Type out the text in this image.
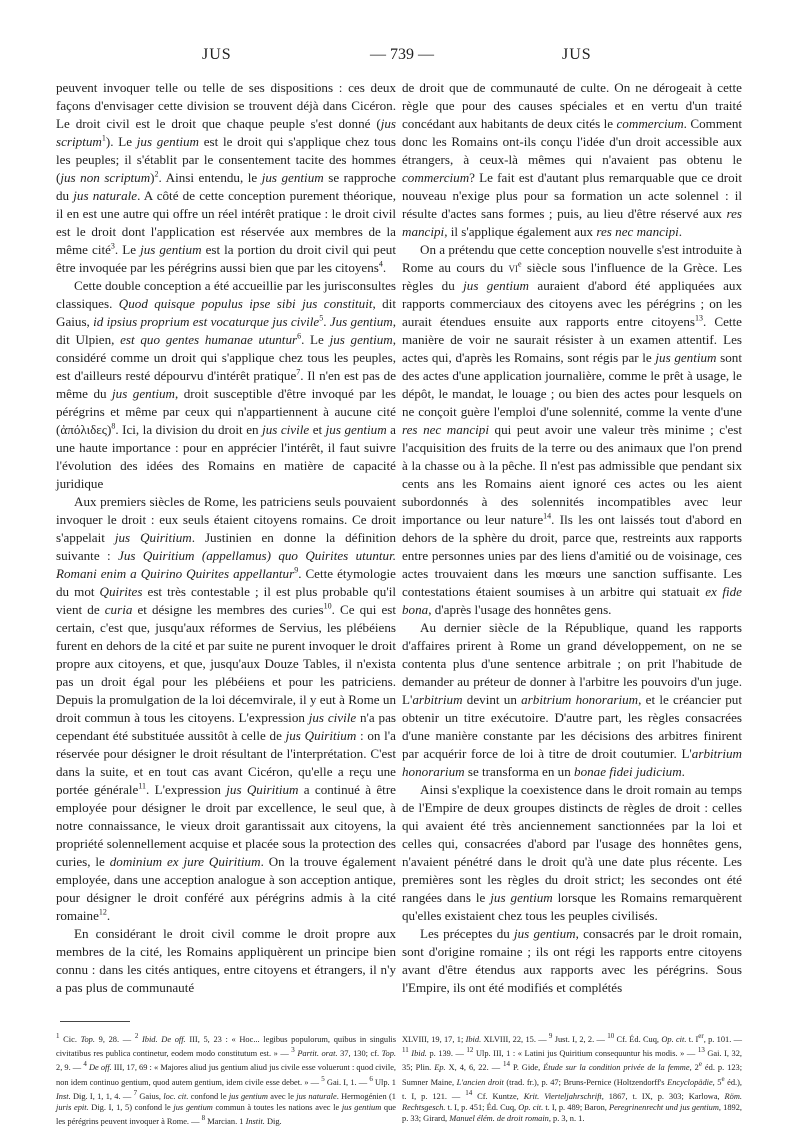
JUS	— 739 —	JUS

peuvent invoquer telle ou telle de ses dispositions : ces deux façons d'envisager cette division se trouvent déjà dans Cicéron. Le droit civil est le droit que chaque peuple s'est donné (jus scriptum$^1$). Le jus gentium est le droit qui s'applique chez tous les peuples; il s'établit par le consentement tacite des hommes (jus non scriptum)$^2$. Ainsi entendu, le jus gentium se rapproche du jus naturale. A côté de cette conception purement théorique, il en est une autre qui offre un réel intérêt pratique : le droit civil est le droit dont l'application est réservée aux membres de la même cité$^3$. Le jus gentium est la portion du droit civil qui peut être invoquée par les pérégrins aussi bien que par les citoyens$^4$.

Cette double conception a été accueillie par les jurisconsultes classiques. Quod quisque populus ipse sibi jus constituit, dit Gaius, id ipsius proprium est vocaturque jus civile$^5$. Jus gentium, dit Ulpien, est quo gentes humanae utuntur$^6$. Le jus gentium, considéré comme un droit qui s'applique chez tous les peuples, est d'ailleurs resté dépourvu d'intérêt pratique$^7$. Il n'en est pas de même du jus gentium, droit susceptible d'être invoqué par les pérégrins et même par ceux qui n'appartiennent à aucune cité (ἀπόλιδες)$^8$. Ici, la division du droit en jus civile et jus gentium a une haute importance : pour en apprécier l'intérêt, il faut suivre l'évolution des idées des Romains en matière de capacité juridique

Aux premiers siècles de Rome, les patriciens seuls pouvaient invoquer le droit : eux seuls étaient citoyens romains. Ce droit s'appelait jus Quiritium. Justinien en donne la définition suivante : Jus Quiritium (appellamus) quo Quirites utuntur. Romani enim a Quirino Quirites appellantur$^9$. Cette étymologie du mot Quirites est très contestable ; il est plus probable qu'il vient de curia et désigne les membres des curies$^{10}$. Ce qui est certain, c'est que, jusqu'aux réformes de Servius, les plébéiens furent en dehors de la cité et par suite ne purent invoquer le droit propre aux citoyens, et que, jusqu'aux Douze Tables, il n'exista pas un droit égal pour les plébéiens et pour les patriciens. Depuis la promulgation de la loi décemvirale, il y eut à Rome un droit commun à tous les citoyens. L'expression jus civile n'a pas cependant été substituée aussitôt à celle de jus Quiritium : on l'a réservée pour désigner le droit résultant de l'interprétation. C'est dans la suite, et en tout cas avant Cicéron, qu'elle a reçu une portée générale$^{11}$. L'expression jus Quiritium a continué à être employée pour désigner le droit par excellence, le seul que, à notre connaissance, le vieux droit garantissait aux citoyens, la propriété solennellement acquise et placée sous la protection des curies, le dominium ex jure Quiritium. On la trouve également employée, dans une acception analogue à son acception antique, pour désigner le droit conféré aux pérégrins admis à la cité romaine$^{12}$.

En considérant le droit civil comme le droit propre aux membres de la cité, les Romains appliquèrent un principe bien connu : dans les cités antiques, entre citoyens et étrangers, il n'y a pas plus de communauté

de droit que de communauté de culte. On ne dérogeait à cette règle que pour des causes spéciales et en vertu d'un traité concédant aux habitants de deux cités le commercium. Comment donc les Romains ont-ils conçu l'idée d'un droit accessible aux étrangers, à ceux-là mêmes qui n'avaient pas obtenu le commercium? Le fait est d'autant plus remarquable que ce droit nouveau n'exige plus pour sa formation un acte solennel : il résulte d'actes sans formes ; puis, au lieu d'être réservé aux res mancipi, il s'applique également aux res nec mancipi.

On a prétendu que cette conception nouvelle s'est introduite à Rome au cours du $vi^e$ siècle sous l'influence de la Grèce. Les règles du jus gentium auraient d'abord été appliquées aux rapports commerciaux des citoyens avec les pérégrins ; on les aurait étendues ensuite aux rapports entre citoyens$^{13}$. Cette manière de voir ne saurait résister à un examen attentif. Les actes qui, d'après les Romains, sont régis par le jus gentium sont des actes d'une application journalière, comme le prêt à usage, le dépôt, le mandat, le louage ; ou bien des actes pour lesquels on ne conçoit guère l'emploi d'une solennité, comme la vente d'une res nec mancipi qui peut avoir une valeur très minime ; c'est l'acquisition des fruits de la terre ou des animaux que l'on prend à la chasse ou à la pêche. Il n'est pas admissible que pendant six cents ans les Romains aient ignoré ces actes ou les aient subordonnés à des solennités incompatibles avec leur importance ou leur nature$^{14}$. Ils les ont laissés tout d'abord en dehors de la sphère du droit, parce que, restreints aux rapports entre personnes unies par des liens d'amitié ou de voisinage, ces actes trouvaient dans les mœurs une sanction suffisante. Les contestations étaient soumises à un arbitre qui statuait ex fide bona, d'après l'usage des honnêtes gens.

Au dernier siècle de la République, quand les rapports d'affaires prirent à Rome un grand développement, on ne se contenta plus d'une sentence arbitrale ; on prit l'habitude de demander au préteur de donner à l'arbitre les pouvoirs d'un juge. L'arbitrium devint un arbitrium honorarium, et le créancier put obtenir un titre exécutoire. D'autre part, les règles consacrées d'une manière constante par les décisions des arbitres finirent par acquérir force de loi à titre de droit coutumier. L'arbitrium honorarium se transforma en un bonae fidei judicium.

Ainsi s'explique la coexistence dans le droit romain au temps de l'Empire de deux groupes distincts de règles de droit : celles qui avaient été très anciennement sanctionnées par la loi et celles qui, consacrées d'abord par l'usage des honnêtes gens, n'avaient pénétré dans le droit qu'à une date plus récente. Les premières sont les règles du droit strict; les secondes ont été rangées dans le jus gentium lorsque les Romains remarquèrent qu'elles existaient chez tous les peuples civilisés.

Les préceptes du jus gentium, consacrés par le droit romain, sont d'origine romaine ; ils ont régi les rapports entre citoyens avant d'être étendus aux rapports avec les pérégrins. Sous l'Empire, ils ont été modifiés et complétés

$^1$ Cic. Top. 9, 28. — $^2$ Ibid. De off. III, 5, 23 : « Hoc... legibus populorum, quibus in singulis civitatibus res publica continetur, eodem modo constitutum est. » — $^3$ Partit. orat. 37, 130; cf. Top. 2, 9. — $^4$ De off. III, 17, 69 : « Majores aliud jus gentium aliud jus civile esse voluerunt : quod civile, non idem continuo gentium, quod autem gentium, idem civile esse debet. » — $^5$ Gai. I, 1. — $^6$ Ulp. 1 Inst. Dig. I, 1, 1, 4. — $^7$ Gaius, loc. cit. confond le jus gentium avec le jus naturale. Hermogénien (1 juris epit. Dig. I, 1, 5) confond le jus gentium commun à toutes les nations avec le jus gentium que les pérégrins peuvent invoquer à Rome. — $^8$ Marcian. 1 Instit. Dig.

XLVIII, 19, 17, 1; Ibid. XLVIII, 22, 15. — $^9$ Just. I, 2, 2. — $^{10}$ Cf. Éd. Cuq, Op. cit. t. Ier, p. 101. — $^{11}$ Ibid. p. 139. — $^{12}$ Ulp. III, 1 : « Latini jus Quiritium consequuntur his modis. » — $^{13}$ Gai. I, 32, 35; Plin. Ep. X, 4, 6, 22. — $^{14}$ P. Gide, Étude sur la condition privée de la femme, 2e éd. p. 123; Sumner Maine, L'ancien droit (trad. fr.), p. 47; Bruns-Pernice (Holtzendorff's Encyclopädie, 5e éd.), t. I, p. 121. — $^{14}$ Cf. Kuntze, Krit. Vierteljahrschrift, 1867, t. IX, p. 303; Karlowa, Röm. Rechtsgesch. t. I, p. 451; Éd. Cuq, Op. cit. t. I, p. 489; Baron, Peregrinenrecht und jus gentium, 1892, p. 33; Girard, Manuel élém. de droit romain, p. 3, n. 1.
